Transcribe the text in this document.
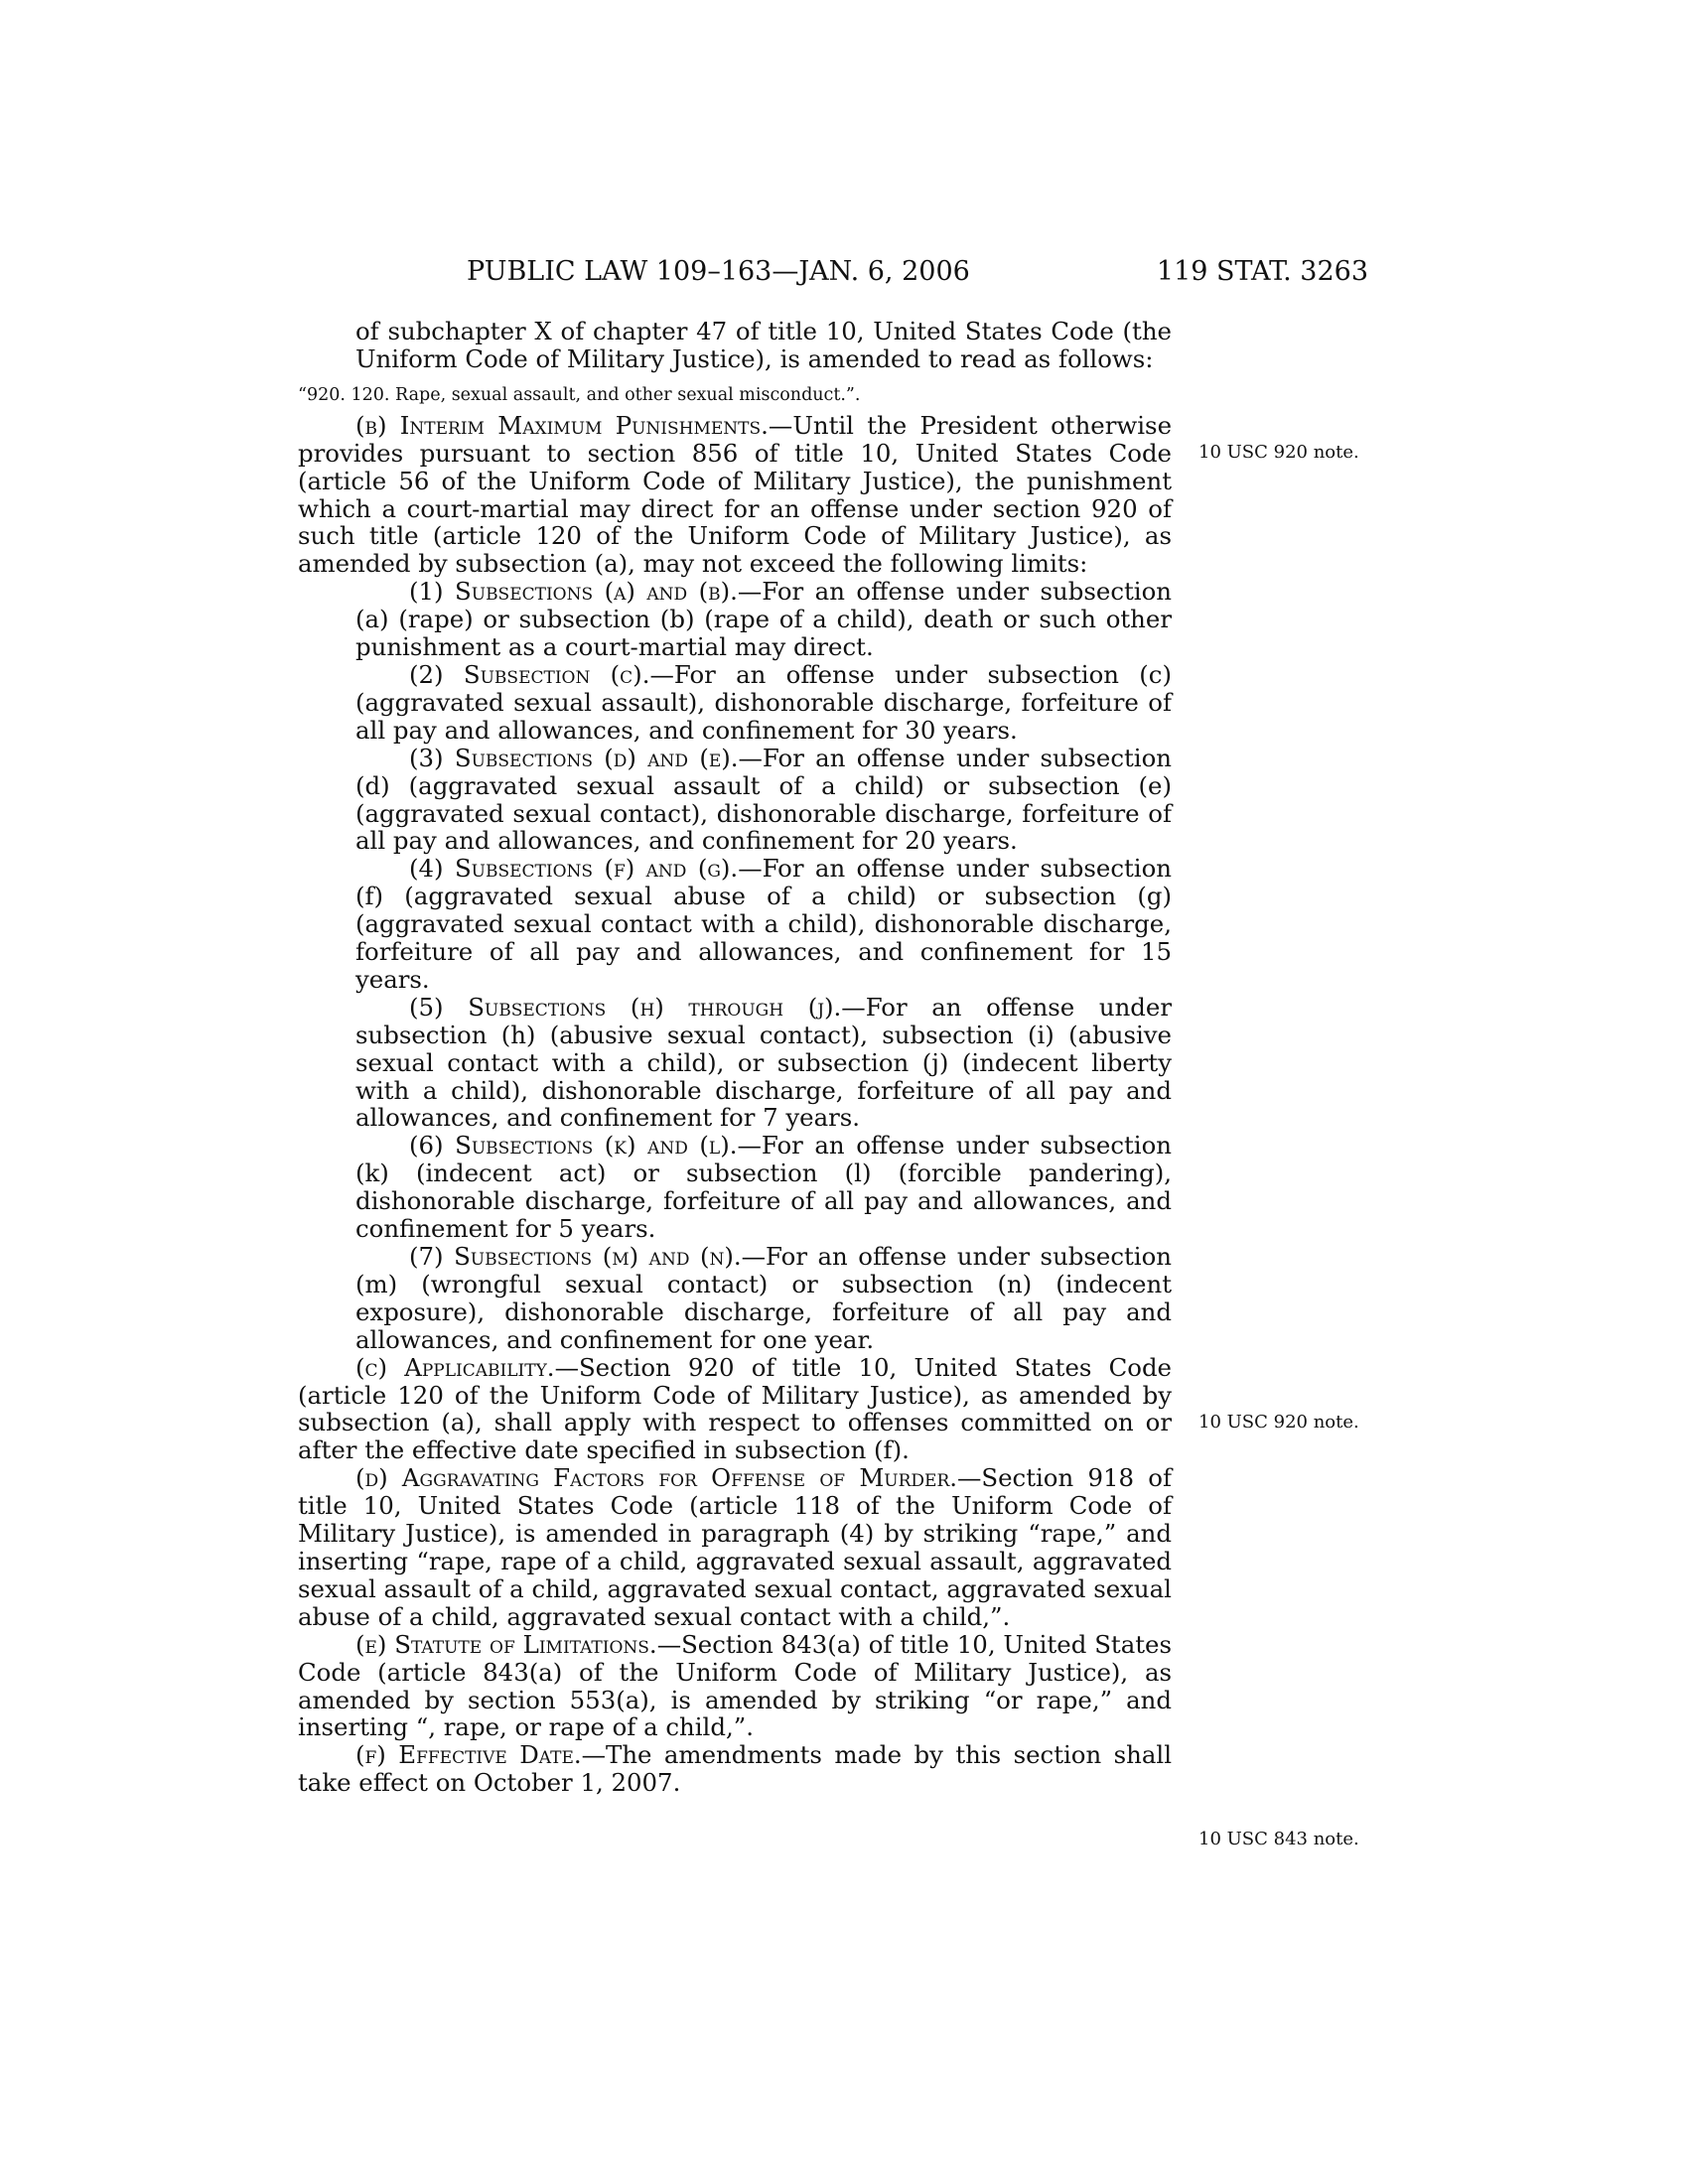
PUBLIC LAW 109–163—JAN. 6, 2006	119 STAT. 3263

of subchapter X of chapter 47 of title 10, United States Code (the Uniform Code of Military Justice), is amended to read as follows:

“920. 120. Rape, sexual assault, and other sexual misconduct.”.

(b) Interim Maximum Punishments.—Until the President otherwise provides pursuant to section 856 of title 10, United States Code (article 56 of the Uniform Code of Military Justice), the punishment which a court-martial may direct for an offense under section 920 of such title (article 120 of the Uniform Code of Military Justice), as amended by subsection (a), may not exceed the following limits:

(1) Subsections (a) and (b).—For an offense under subsection (a) (rape) or subsection (b) (rape of a child), death or such other punishment as a court-martial may direct.

(2) Subsection (c).—For an offense under subsection (c) (aggravated sexual assault), dishonorable discharge, forfeiture of all pay and allowances, and confinement for 30 years.

(3) Subsections (d) and (e).—For an offense under subsection (d) (aggravated sexual assault of a child) or subsection (e) (aggravated sexual contact), dishonorable discharge, forfeiture of all pay and allowances, and confinement for 20 years.

(4) Subsections (f) and (g).—For an offense under subsection (f) (aggravated sexual abuse of a child) or subsection (g) (aggravated sexual contact with a child), dishonorable discharge, forfeiture of all pay and allowances, and confinement for 15 years.

(5) Subsections (h) through (j).—For an offense under subsection (h) (abusive sexual contact), subsection (i) (abusive sexual contact with a child), or subsection (j) (indecent liberty with a child), dishonorable discharge, forfeiture of all pay and allowances, and confinement for 7 years.

(6) Subsections (k) and (l).—For an offense under subsection (k) (indecent act) or subsection (l) (forcible pandering), dishonorable discharge, forfeiture of all pay and allowances, and confinement for 5 years.

(7) Subsections (m) and (n).—For an offense under subsection (m) (wrongful sexual contact) or subsection (n) (indecent exposure), dishonorable discharge, forfeiture of all pay and allowances, and confinement for one year.

(c) Applicability.—Section 920 of title 10, United States Code (article 120 of the Uniform Code of Military Justice), as amended by subsection (a), shall apply with respect to offenses committed on or after the effective date specified in subsection (f).

(d) Aggravating Factors for Offense of Murder.—Section 918 of title 10, United States Code (article 118 of the Uniform Code of Military Justice), is amended in paragraph (4) by striking “rape,” and inserting “rape, rape of a child, aggravated sexual assault, aggravated sexual assault of a child, aggravated sexual contact, aggravated sexual abuse of a child, aggravated sexual contact with a child,”.

(e) Statute of Limitations.—Section 843(a) of title 10, United States Code (article 843(a) of the Uniform Code of Military Justice), as amended by section 553(a), is amended by striking “or rape,” and inserting “, rape, or rape of a child,”.

(f) Effective Date.—The amendments made by this section shall take effect on October 1, 2007.

10 USC 920 note.
10 USC 920 note.
10 USC 843 note.
